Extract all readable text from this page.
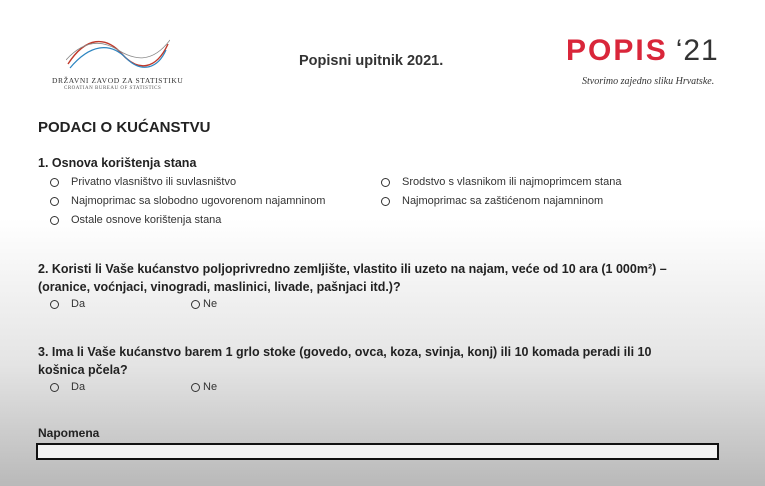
DRŽAVNI ZAVOD ZA STATISTIKU
CROATIAN BUREAU OF STATISTICS
Popisni upitnik 2021.	POPIS ‘21
Stvorimo zajedno sliku Hrvatske.
PODACI O KUĆANSTVU
1. Osnova korištenja stana
Privatno vlasništvo ili suvlasništvo
Najmoprimac sa slobodno ugovorenom najamninom
Ostale osnove korištenja stana
Srodstvo s vlasnikom ili najmoprimcem stana
Najmoprimac sa zaštićenom najamninom
2. Koristi li Vaše kućanstvo poljoprivredno zemljište, vlastito ili uzeto na najam, veće od 10 ara (1 000m²) –
(oranice, voćnjaci, vinogradi, maslinici, livade, pašnjaci itd.)?
Da	Ne
3. Ima li Vaše kućanstvo barem 1 grlo stoke (govedo, ovca, koza, svinja, konj) ili 10 komada peradi ili 10
košnica pčela?
Da	Ne
Napomena
